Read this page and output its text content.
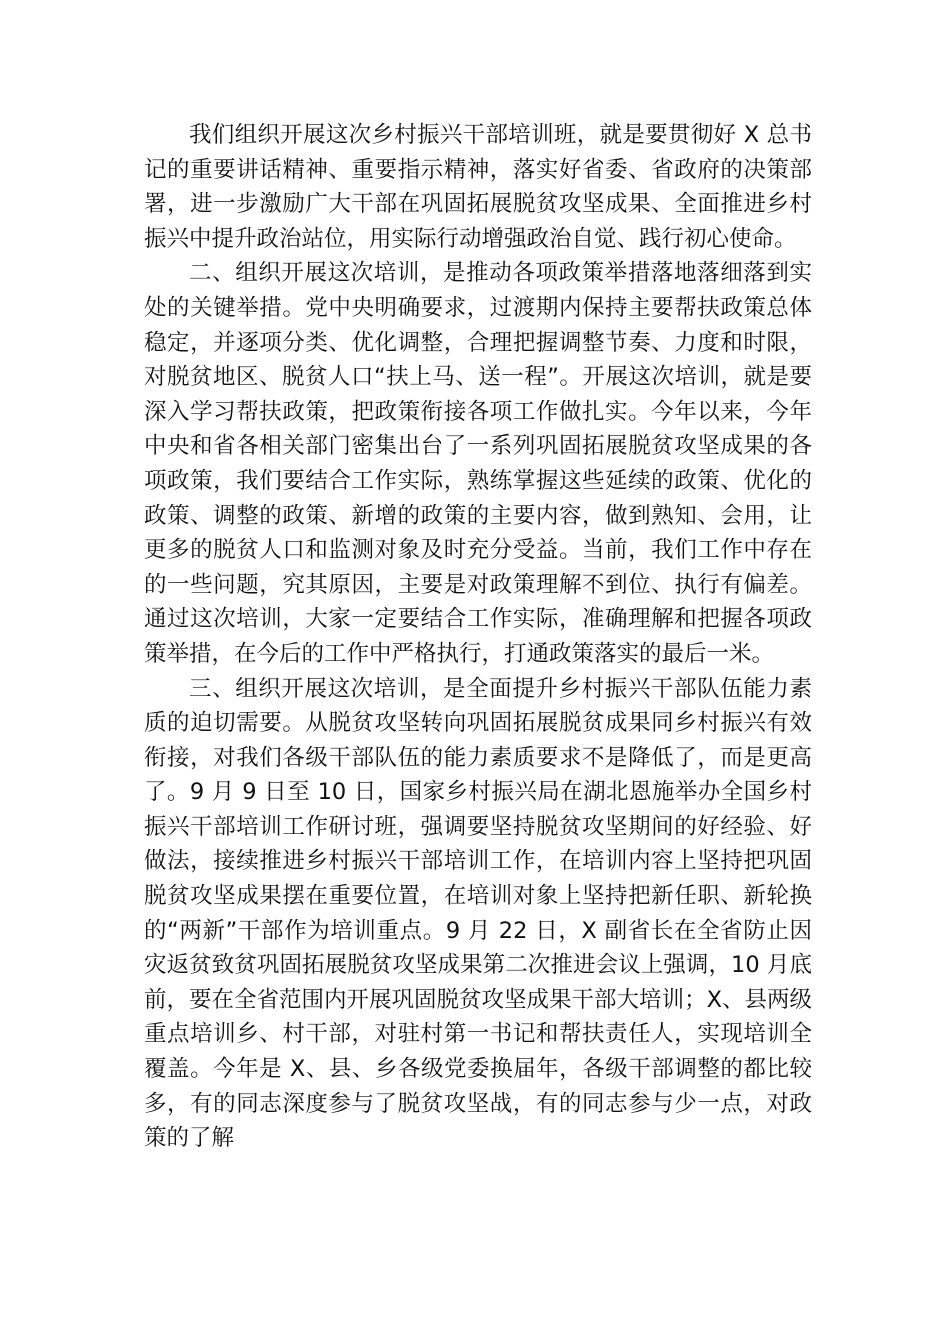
我们组织开展这次乡村振兴干部培训班，就是要贯彻好 X 总书记的重要讲话精神、重要指示精神，落实好省委、省政府的决策部署，进一步激励广大干部在巩固拓展脱贫攻坚成果、全面推进乡村振兴中提升政治站位，用实际行动增强政治自觉、践行初心使命。

二、组织开展这次培训，是推动各项政策举措落地落细落到实处的关键举措。党中央明确要求，过渡期内保持主要帮扶政策总体稳定，并逐项分类、优化调整，合理把握调整节奏、力度和时限，对脱贫地区、脱贫人口“扶上马、送一程”。开展这次培训，就是要深入学习帮扶政策，把政策衔接各项工作做扎实。今年以来，今年中央和省各相关部门密集出台了一系列巩固拓展脱贫攻坚成果的各项政策，我们要结合工作实际，熟练掌握这些延续的政策、优化的政策、调整的政策、新增的政策的主要内容，做到熟知、会用，让更多的脱贫人口和监测对象及时充分受益。当前，我们工作中存在的一些问题，究其原因，主要是对政策理解不到位、执行有偏差。通过这次培训，大家一定要结合工作实际，准确理解和把握各项政策举措，在今后的工作中严格执行，打通政策落实的最后一米。

三、组织开展这次培训，是全面提升乡村振兴干部队伍能力素质的迫切需要。从脱贫攻坚转向巩固拓展脱贫成果同乡村振兴有效衔接，对我们各级干部队伍的能力素质要求不是降低了，而是更高了。9 月 9 日至 10 日，国家乡村振兴局在湖北恩施举办全国乡村振兴干部培训工作研讨班，强调要坚持脱贫攻坚期间的好经验、好做法，接续推进乡村振兴干部培训工作，在培训内容上坚持把巩固脱贫攻坚成果摆在重要位置，在培训对象上坚持把新任职、新轮换的“两新”干部作为培训重点。9 月 22 日，X 副省长在全省防止因灾返贫致贫巩固拓展脱贫攻坚成果第二次推进会议上强调，10 月底前，要在全省范围内开展巩固脱贫攻坚成果干部大培训；X、县两级重点培训乡、村干部，对驻村第一书记和帮扶责任人，实现培训全覆盖。今年是 X、县、乡各级党委换届年，各级干部调整的都比较多，有的同志深度参与了脱贫攻坚战，有的同志参与少一点，对政策的了解
